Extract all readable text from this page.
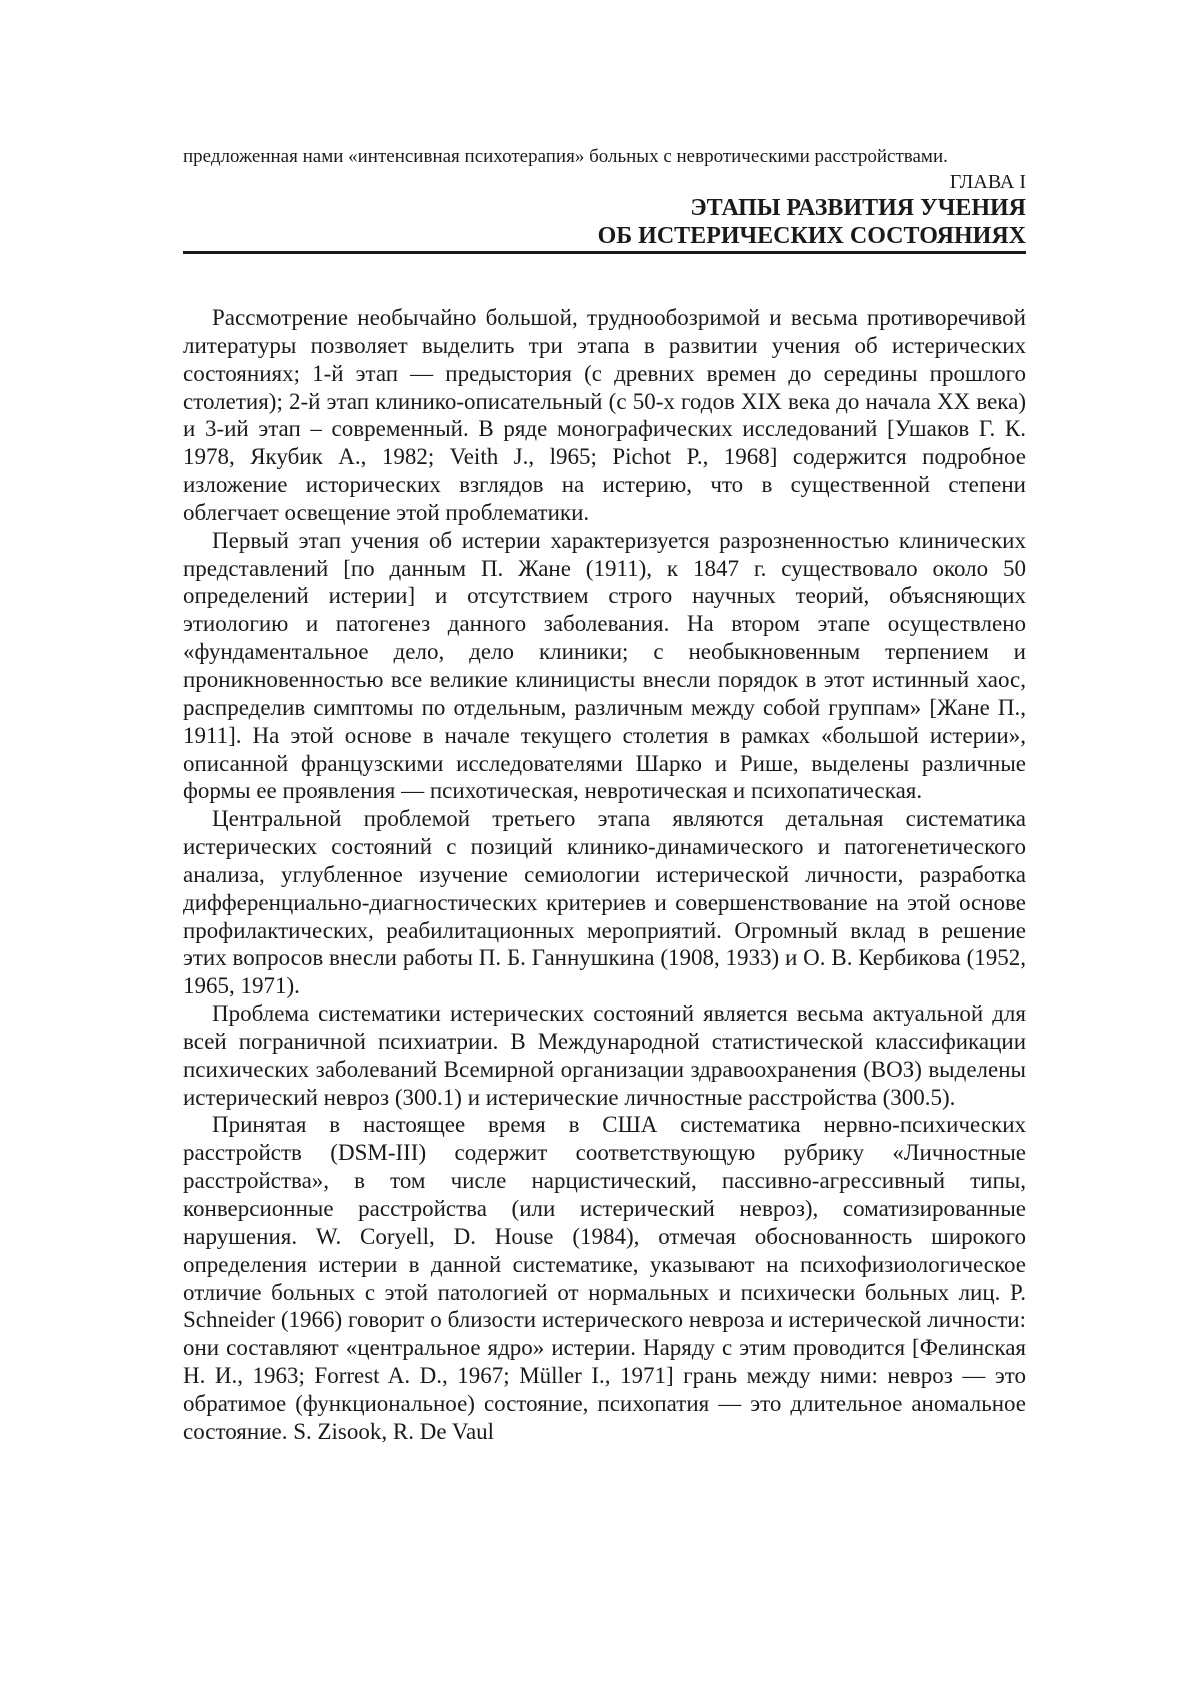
предложенная нами «интенсивная психотерапия» больных с невротическими расстройствами.
ГЛАВА I
ЭТАПЫ РАЗВИТИЯ УЧЕНИЯ
ОБ ИСТЕРИЧЕСКИХ СОСТОЯНИЯХ

Рассмотрение необычайно большой, труднообозримой и весьма противоречивой литературы позволяет выделить три этапа в развитии учения об истерических состояниях; 1-й этап — предыстория (с древних времен до середины прошлого столетия); 2-й этап клинико-описательный (с 50-х годов XIX века до начала XX века) и 3-ий этап – современный. В ряде монографических исследований [Ушаков Г. К. 1978, Якубик А., 1982; Veith J., l965; Pichot P., 1968] содержится подробное изложение исторических взглядов на истерию, что в существенной степени облегчает освещение этой проблематики.

Первый этап учения об истерии характеризуется разрозненностью клинических представлений [по данным П. Жане (1911), к 1847 г. существовало около 50 определений истерии] и отсутствием строго научных теорий, объясняющих этиологию и патогенез данного заболевания. На втором этапе осуществлено «фундаментальное дело, дело клиники; с необыкновенным терпением и проникновенностью все великие клиницисты внесли порядок в этот истинный хаос, распределив симптомы по отдельным, различным между собой группам» [Жане П., 1911]. На этой основе в начале текущего столетия в рамках «большой истерии», описанной французскими исследователями Шарко и Рише, выделены различные формы ее проявления — психотическая, невротическая и психопатическая.

Центральной проблемой третьего этапа являются детальная систематика истерических состояний с позиций клинико-динамического и патогенетического анализа, углубленное изучение семиологии истерической личности, разработка дифференциально-диагностических критериев и совершенствование на этой основе профилактических, реабилитационных мероприятий. Огромный вклад в решение этих вопросов внесли работы П. Б. Ганнушкина (1908, 1933) и О. В. Кербикова (1952, 1965, 1971).

Проблема систематики истерических состояний является весьма актуальной для всей пограничной психиатрии. В Международной статистической классификации психических заболеваний Всемирной организации здравоохранения (ВОЗ) выделены истерический невроз (300.1) и истерические личностные расстройства (300.5).

Принятая в настоящее время в США систематика нервно-психических расстройств (DSM-III) содержит соответствующую рубрику «Личностные расстройства», в том числе нарцистический, пассивно-агрессивный типы, конверсионные расстройства (или истерический невроз), соматизированные нарушения. W. Coryell, D. House (1984), отмечая обоснованность широкого определения истерии в данной систематике, указывают на психофизиологическое отличие больных с этой патологией от нормальных и психически больных лиц. P. Schneider (1966) говорит о близости истерического невроза и истерической личности: они составляют «центральное ядро» истерии. Наряду с этим проводится [Фелинская Н. И., 1963; Forrest A. D., 1967; Müller I., 1971] грань между ними: невроз — это обратимое (функциональное) состояние, психопатия — это длительное аномальное состояние. S. Zisook, R. De Vaul
